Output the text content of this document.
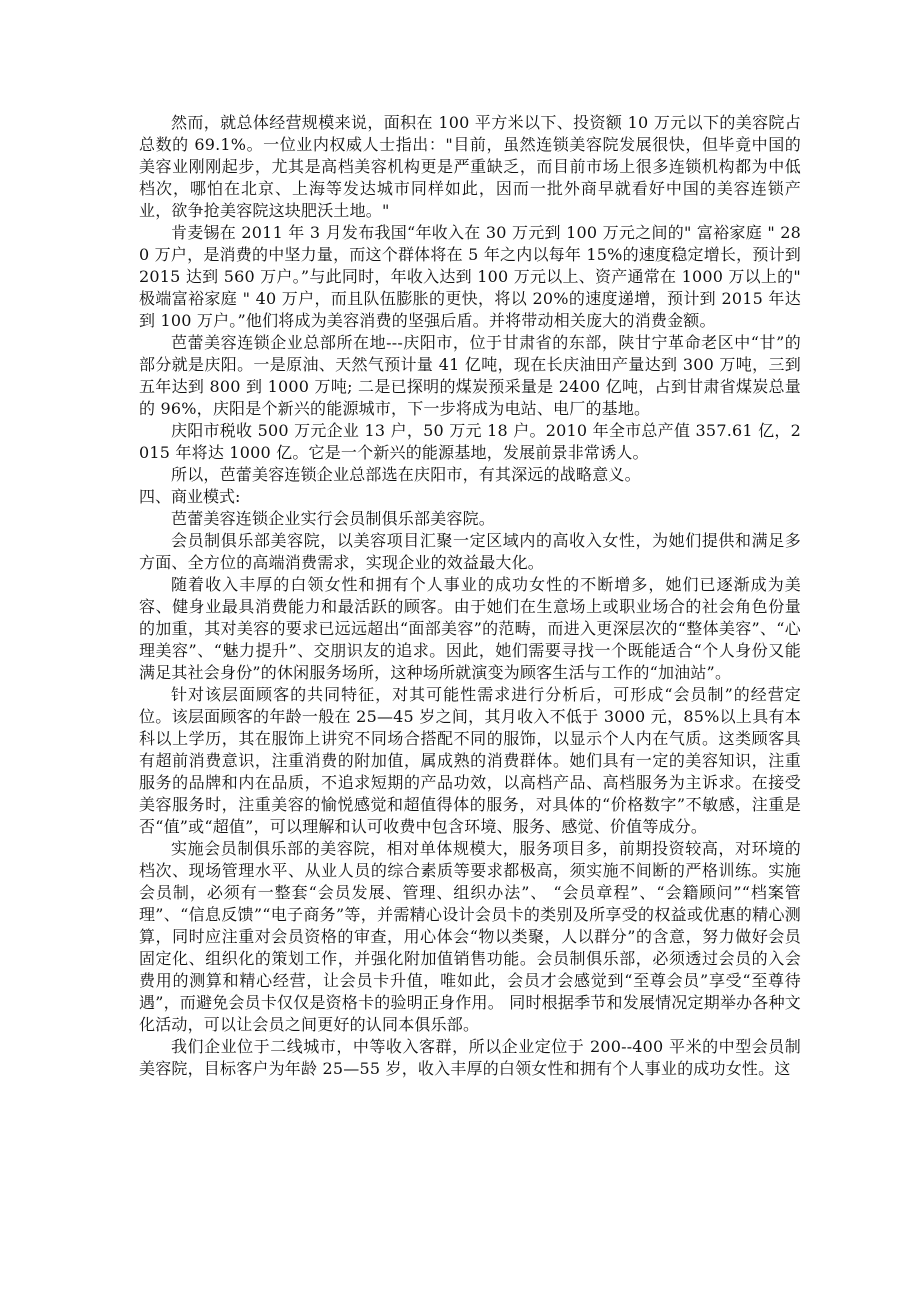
然而，就总体经营规模来说，面积在 100 平方米以下、投资额 10 万元以下的美容院占总数的 69.1%。一位业内权威人士指出："目前，虽然连锁美容院发展很快，但毕竟中国的美容业刚刚起步，尤其是高档美容机构更是严重缺乏，而目前市场上很多连锁机构都为中低档次，哪怕在北京、上海等发达城市同样如此，因而一批外商早就看好中国的美容连锁产业，欲争抢美容院这块肥沃土地。"

肯麦锡在 2011 年 3 月发布我国“年收入在 30 万元到 100 万元之间的" 富裕家庭 " 280 万户，是消费的中坚力量，而这个群体将在 5 年之内以每年 15%的速度稳定增长，预计到 2015 达到 560 万户。”与此同时，年收入达到 100 万元以上、资产通常在 1000 万以上的" 极端富裕家庭 " 40 万户，而且队伍膨胀的更快，将以 20%的速度递增，预计到 2015 年达到 100 万户。”他们将成为美容消费的坚强后盾。并将带动相关庞大的消费金额。

芭蕾美容连锁企业总部所在地---庆阳市，位于甘肃省的东部，陕甘宁革命老区中“甘”的部分就是庆阳。一是原油、天然气预计量 41 亿吨，现在长庆油田产量达到 300 万吨，三到五年达到 800 到 1000 万吨; 二是已探明的煤炭预采量是 2400 亿吨，占到甘肃省煤炭总量的 96%，庆阳是个新兴的能源城市，下一步将成为电站、电厂的基地。

庆阳市税收 500 万元企业 13 户，50 万元 18 户。2010 年全市总产值 357.61 亿，2015 年将达 1000 亿。它是一个新兴的能源基地，发展前景非常诱人。

所以，芭蕾美容连锁企业总部选在庆阳市，有其深远的战略意义。

四、商业模式:

芭蕾美容连锁企业实行会员制俱乐部美容院。

会员制俱乐部美容院，以美容项目汇聚一定区域内的高收入女性，为她们提供和满足多方面、全方位的高端消费需求，实现企业的效益最大化。

随着收入丰厚的白领女性和拥有个人事业的成功女性的不断增多，她们已逐渐成为美容、健身业最具消费能力和最活跃的顾客。由于她们在生意场上或职业场合的社会角色份量的加重，其对美容的要求已远远超出“面部美容”的范畴，而进入更深层次的“整体美容”、“心理美容”、“魅力提升”、交朋识友的追求。因此，她们需要寻找一个既能适合“个人身份又能满足其社会身份”的休闲服务场所，这种场所就演变为顾客生活与工作的“加油站”。

针对该层面顾客的共同特征，对其可能性需求进行分析后，可形成“会员制”的经营定位。该层面顾客的年龄一般在 25—45 岁之间，其月收入不低于 3000 元，85%以上具有本科以上学历，其在服饰上讲究不同场合搭配不同的服饰，以显示个人内在气质。这类顾客具有超前消费意识，注重消费的附加值，属成熟的消费群体。她们具有一定的美容知识，注重服务的品牌和内在品质，不追求短期的产品功效，以高档产品、高档服务为主诉求。在接受美容服务时，注重美容的愉悦感觉和超值得体的服务，对具体的“价格数字”不敏感，注重是否“值”或“超值”，可以理解和认可收费中包含环境、服务、感觉、价值等成分。

实施会员制俱乐部的美容院，相对单体规模大，服务项目多，前期投资较高，对环境的档次、现场管理水平、从业人员的综合素质等要求都极高，须实施不间断的严格训练。实施会员制，必须有一整套“会员发展、管理、组织办法”、 “会员章程”、“会籍顾问”“档案管理”、“信息反馈”“电子商务”等，并需精心设计会员卡的类别及所享受的权益或优惠的精心测算，同时应注重对会员资格的审查，用心体会“物以类聚，人以群分”的含意，努力做好会员固定化、组织化的策划工作，并强化附加值销售功能。会员制俱乐部，必须透过会员的入会费用的测算和精心经营，让会员卡升值，唯如此，会员才会感觉到“至尊会员”享受“至尊待遇”，而避免会员卡仅仅是资格卡的验明正身作用。 同时根据季节和发展情况定期举办各种文化活动，可以让会员之间更好的认同本俱乐部。

我们企业位于二线城市，中等收入客群，所以企业定位于 200--400 平米的中型会员制美容院，目标客户为年龄 25—55 岁，收入丰厚的白领女性和拥有个人事业的成功女性。这
